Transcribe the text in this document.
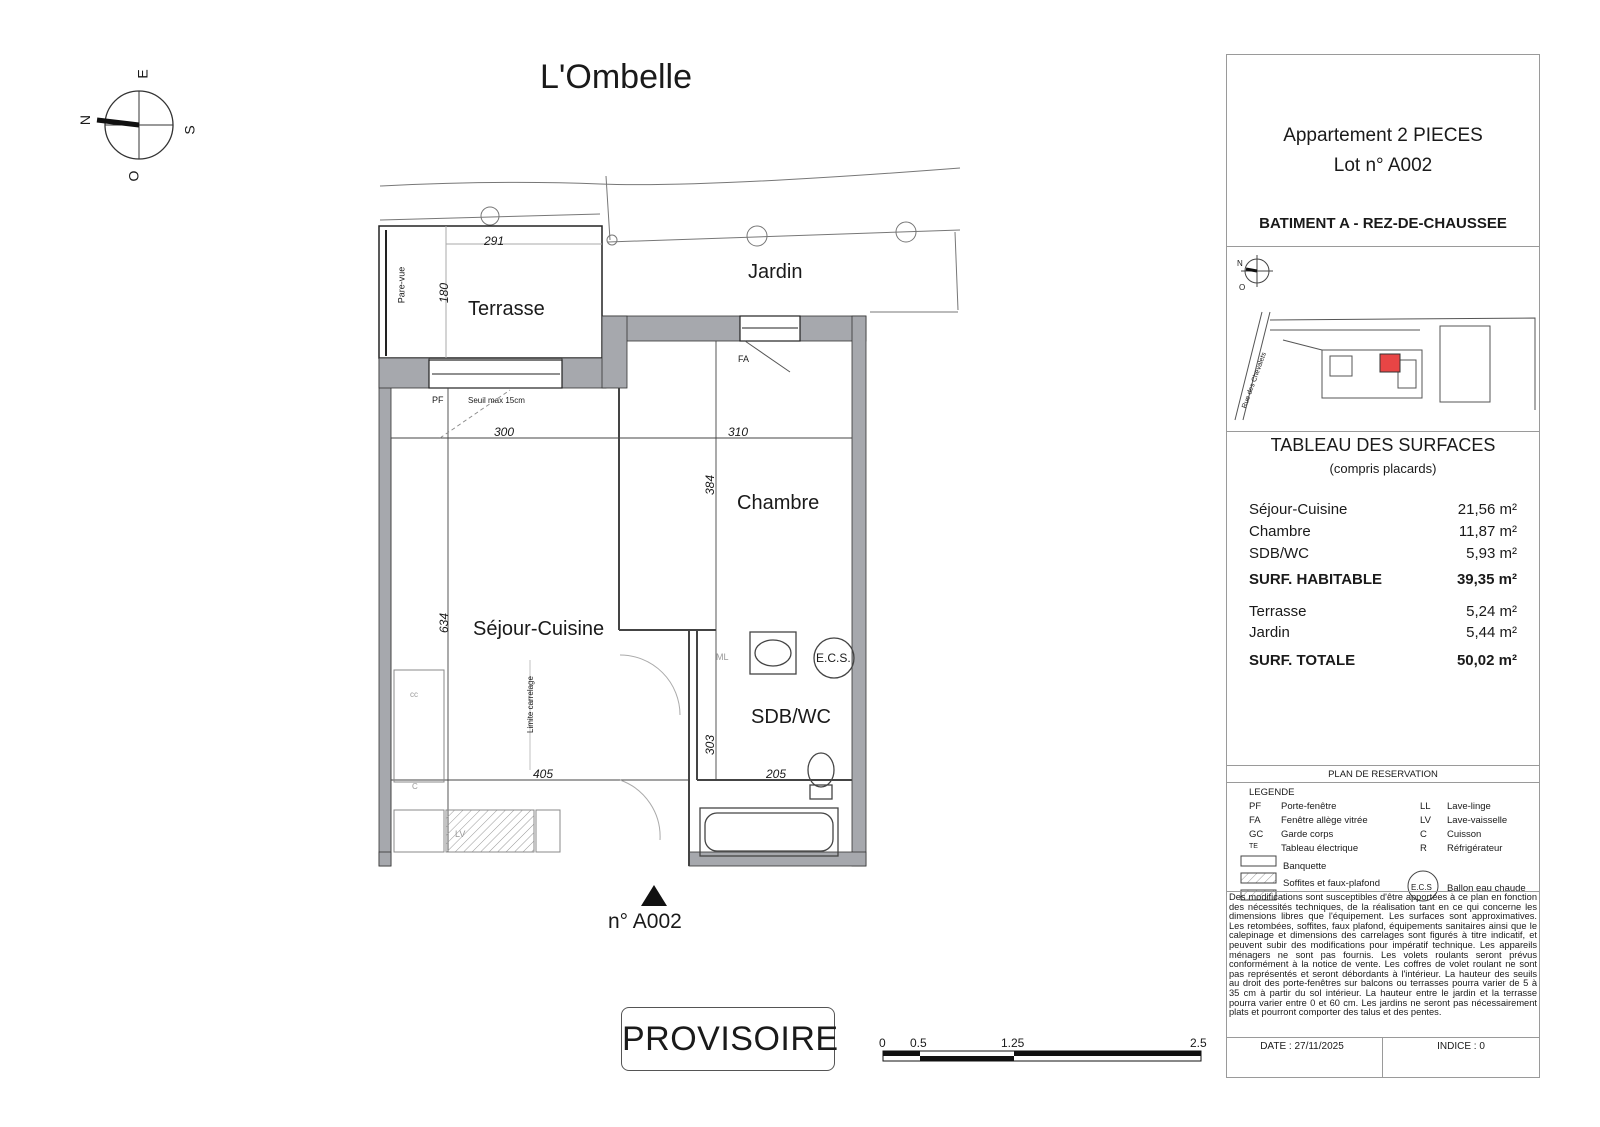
L'Ombelle
N
E
S
O
Terrasse
Jardin
Chambre
Séjour-Cuisine
SDB/WC
291
180
300	310
384
634
303
405	205
Pare-vue
PF
FA
Seuil max 15cm
ML	E.C.S.
LV
Limite carrelage
cc
C
n° A002
PROVISOIRE	0 0.5	1.25	2.5
Appartement 2 PIECES
Lot n° A002
BATIMENT A - REZ-DE-CHAUSSEE
N
O
Rue des Chevalets
TABLEAU DES SURFACES
(compris placards)
Séjour-Cuisine	21,56 m²
Chambre	11,87 m²
SDB/WC	5,93 m²
SURF. HABITABLE	39,35 m²
Terrasse	5,24 m²
Jardin	5,44 m²
SURF. TOTALE	50,02 m²
PLAN DE RESERVATION
LEGENDE
PF Porte-fenêtre
FA Fenêtre allège vitrée
GC Garde corps
TE Tableau électrique
LL Lave-linge
LV Lave-vaisselle
C Cuisson
R Réfrigérateur
Banquette
Soffites et faux-plafond	E.C.S Ballon eau chaude
Des modifications sont susceptibles d'être apportées à ce plan en fonction des nécessités techniques, de la réalisation tant en ce qui concerne les dimensions libres que l'équipement. Les surfaces sont approximatives. Les retombées, soffites, faux plafond, équipements sanitaires ainsi que le calepinage et dimensions des carrelages sont figurés à titre indicatif, et peuvent subir des modifications pour impératif technique. Les appareils ménagers ne sont pas fournis. Les volets roulants seront prévus conformément à la notice de vente. Les coffres de volet roulant ne sont pas représentés et seront débordants à l'intérieur. La hauteur des seuils au droit des porte-fenêtres sur balcons ou terrasses pourra varier de 5 à 35 cm à partir du sol intérieur. La hauteur entre le jardin et la terrasse pourra varier entre 0 et 60 cm. Les jardins ne seront pas nécessairement plats et pourront comporter des talus et des pentes.
DATE : 27/11/2025	INDICE : 0
